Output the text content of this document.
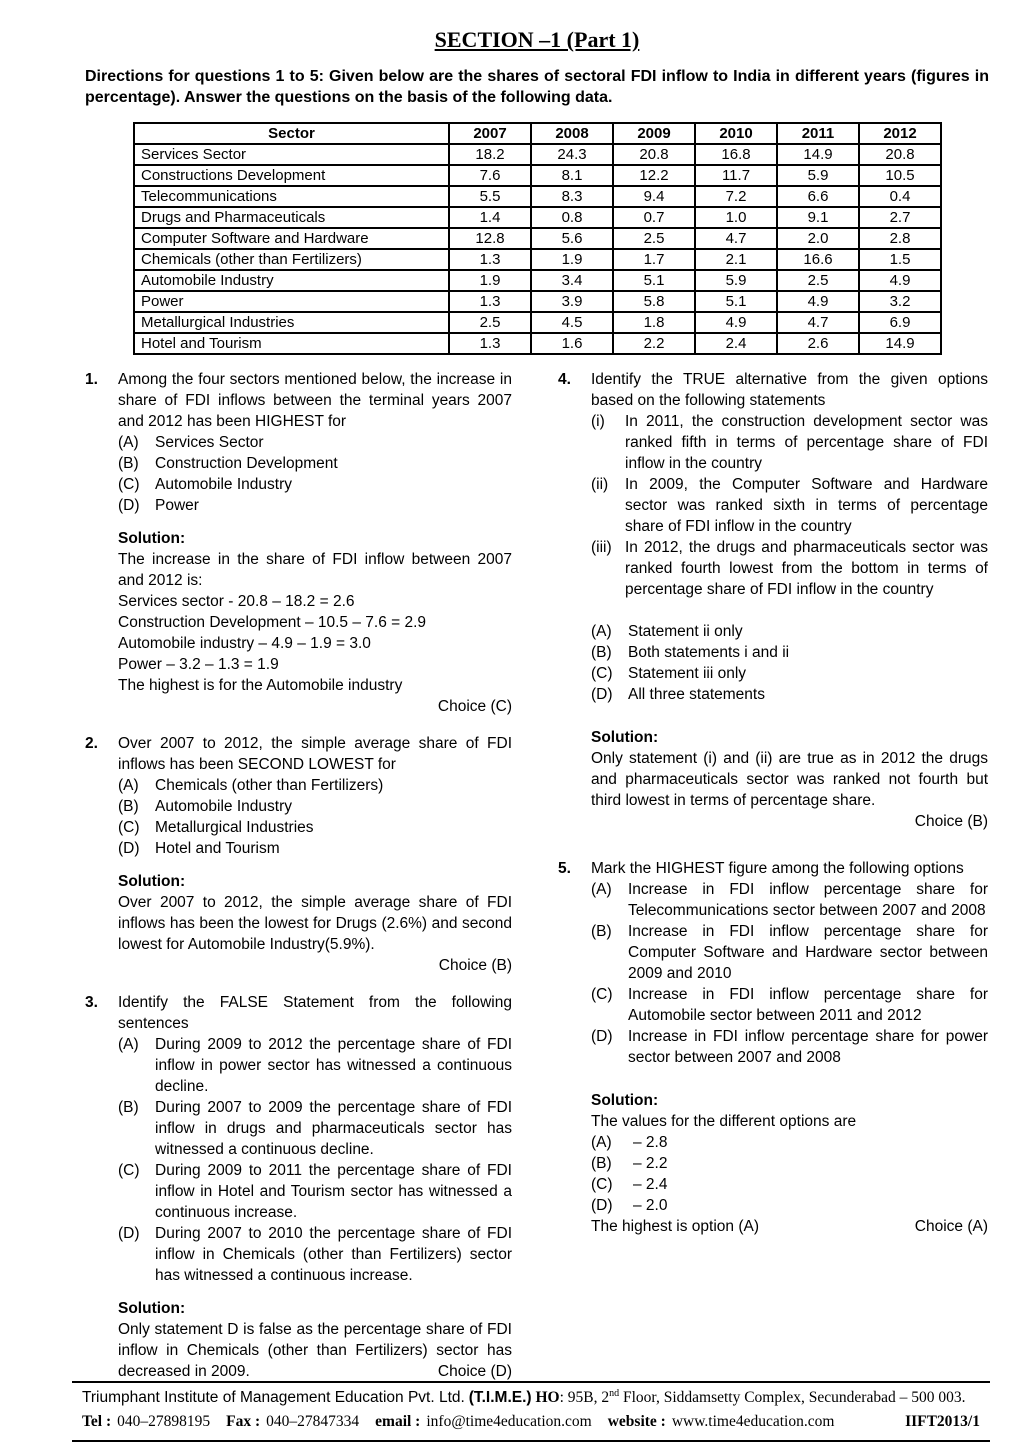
SECTION –1 (Part 1)
Directions for questions 1 to 5: Given below are the shares of sectoral FDI inflow to India in different years (figures in percentage). Answer the questions on the basis of the following data.
Sector	2007	2008	2009	2010	2011	2012
Services Sector	18.2	24.3	20.8	16.8	14.9	20.8
Constructions Development	7.6	8.1	12.2	11.7	5.9	10.5
Telecommunications	5.5	8.3	9.4	7.2	6.6	0.4
Drugs and Pharmaceuticals	1.4	0.8	0.7	1.0	9.1	2.7
Computer Software and Hardware	12.8	5.6	2.5	4.7	2.0	2.8
Chemicals (other than Fertilizers)	1.3	1.9	1.7	2.1	16.6	1.5
Automobile Industry	1.9	3.4	5.1	5.9	2.5	4.9
Power	1.3	3.9	5.8	5.1	4.9	3.2
Metallurgical Industries	2.5	4.5	1.8	4.9	4.7	6.9
Hotel and Tourism	1.3	1.6	2.2	2.4	2.6	14.9
1.	Among the four sectors mentioned below, the increase in share of FDI inflows between the terminal years 2007 and 2012 has been HIGHEST for
(A)	Services Sector
(B)	Construction Development
(C) Automobile Industry
(D) Power
Solution:
The increase in the share of FDI inflow between 2007 and 2012 is:
Services sector - 20.8 – 18.2 = 2.6
Construction Development – 10.5 – 7.6 = 2.9
Automobile industry – 4.9 – 1.9 = 3.0
Power – 3.2 – 1.3 = 1.9
The highest is for the Automobile industry
Choice (C)
2.	Over 2007 to 2012, the simple average share of FDI inflows has been SECOND LOWEST for
(A)	Chemicals (other than Fertilizers)
(B)	Automobile Industry
(C) Metallurgical Industries
(D) Hotel and Tourism
Solution:
Over 2007 to 2012, the simple average share of FDI inflows has been the lowest for Drugs (2.6%) and second lowest for Automobile Industry(5.9%).
Choice (B)
3.	Identify the FALSE Statement from the following sentences
(A)	During 2009 to 2012 the percentage share of FDI inflow in power sector has witnessed a continuous decline.
(B)	During 2007 to 2009 the percentage share of FDI inflow in drugs and pharmaceuticals sector has witnessed a continuous decline.
(C) During 2009 to 2011 the percentage share of FDI inflow in Hotel and Tourism sector has witnessed a continuous increase.
(D) During 2007 to 2010 the percentage share of FDI inflow in Chemicals (other than Fertilizers) sector has witnessed a continuous increase.
Solution:
Only statement D is false as the percentage share of FDI inflow in Chemicals (other than Fertilizers) sector has decreased in 2009.	Choice (D)
4.	Identify the TRUE alternative from the given options based on the following statements
(i)	In 2011, the construction development sector was ranked fifth in terms of percentage share of FDI inflow in the country
(ii)	In 2009, the Computer Software and Hardware sector was ranked sixth in terms of percentage share of FDI inflow in the country
(iii) In 2012, the drugs and pharmaceuticals sector was ranked fourth lowest from the bottom in terms of percentage share of FDI inflow in the country
(A)	Statement ii only
(B)	Both statements i and ii
(C) Statement iii only
(D) All three statements
Solution:
Only statement (i) and (ii) are true as in 2012 the drugs and pharmaceuticals sector was ranked not fourth but third lowest in terms of percentage share.
Choice (B)
5.	Mark the HIGHEST figure among the following options
(A)	Increase in FDI inflow percentage share for Telecommunications sector between 2007 and 2008
(B)	Increase in FDI inflow percentage share for Computer Software and Hardware sector between 2009 and 2010
(C) Increase in FDI inflow percentage share for Automobile sector between 2011 and 2012
(D) Increase in FDI inflow percentage share for power sector between 2007 and 2008
Solution:
The values for the different options are
(A)	– 2.8
(B)	– 2.2
(C)	– 2.4
(D)	– 2.0
The highest is option (A)	Choice (A)
Triumphant Institute of Management Education Pvt. Ltd. (T.I.M.E.) HO: 95B, 2nd Floor, Siddamsetty Complex, Secunderabad – 500 003.
Tel : 040–27898195 Fax : 040–27847334 email : info@time4education.com website : www.time4education.com	IIFT2013/1
